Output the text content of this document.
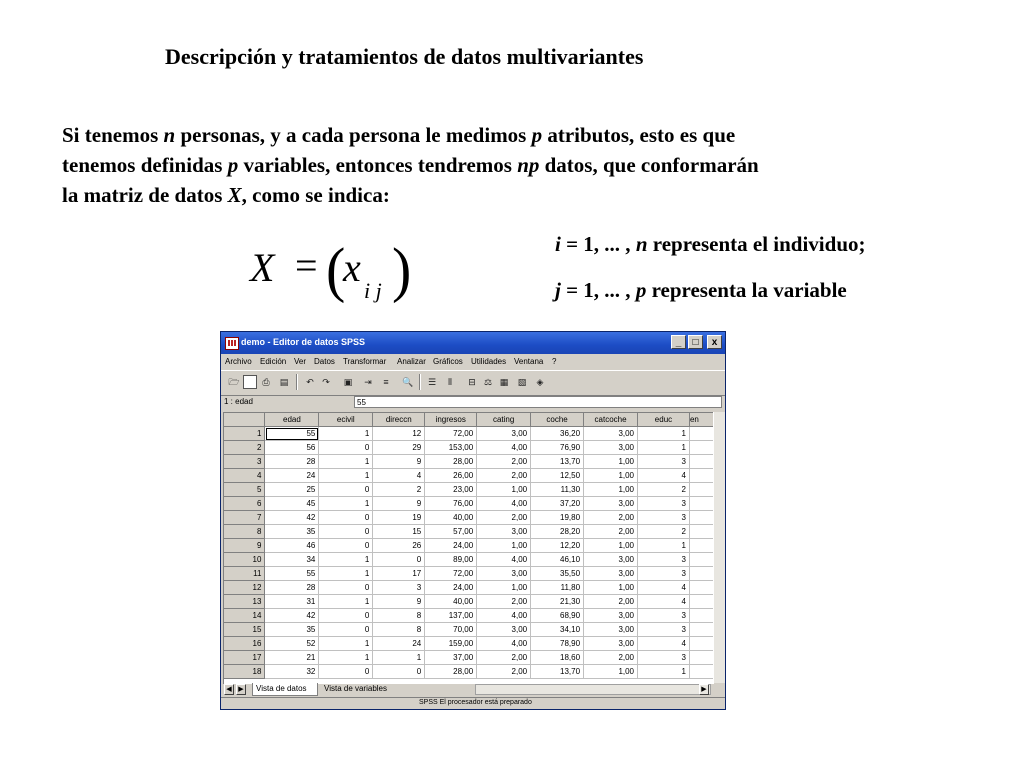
Descripción y tratamientos de datos multivariantes
Si tenemos n personas, y a cada persona le medimos p atributos, esto es que
tenemos definidas p variables, entonces tendremos np datos, que conformarán
la matriz de datos X, como se indica:
X = (
x
i j )	i = 1, ... , n representa el individuo;
j = 1, ... , p representa la variable
demo - Editor de datos SPSS	_	□	x
Archivo Edición Ver Datos Transformar Analizar Gráficos Utilidades Ventana ?
🗁	⎙	▤	↶ ↷	▣	⇥	≡	🔍	☰	⫴	⊟ ⚖ ▦	▧	◈
1 : edad	55
	edad	ecivil	direccn	ingresos	cating	coche	catcoche	educ	en
1	55	1	12	72,00	3,00	36,20	3,00	1	
2	56	0	29	153,00	4,00	76,90	3,00	1	
3	28	1	9	28,00	2,00	13,70	1,00	3	
4	24	1	4	26,00	2,00	12,50	1,00	4	
5	25	0	2	23,00	1,00	11,30	1,00	2	
6	45	1	9	76,00	4,00	37,20	3,00	3	
7	42	0	19	40,00	2,00	19,80	2,00	3	
8	35	0	15	57,00	3,00	28,20	2,00	2	
9	46	0	26	24,00	1,00	12,20	1,00	1	
10	34	1	0	89,00	4,00	46,10	3,00	3	
11	55	1	17	72,00	3,00	35,50	3,00	3	
12	28	0	3	24,00	1,00	11,80	1,00	4	
13	31	1	9	40,00	2,00	21,30	2,00	4	
14	42	0	8	137,00	4,00	68,90	3,00	3	
15	35	0	8	70,00	3,00	34,10	3,00	3	
16	52	1	24	159,00	4,00	78,90	3,00	4	
17	21	1	1	37,00	2,00	18,60	2,00	3	
18	32	0	0	28,00	2,00	13,70	1,00	1	
◀ ▶	Vista de datos	Vista de variables	▶
SPSS El procesador está preparado
